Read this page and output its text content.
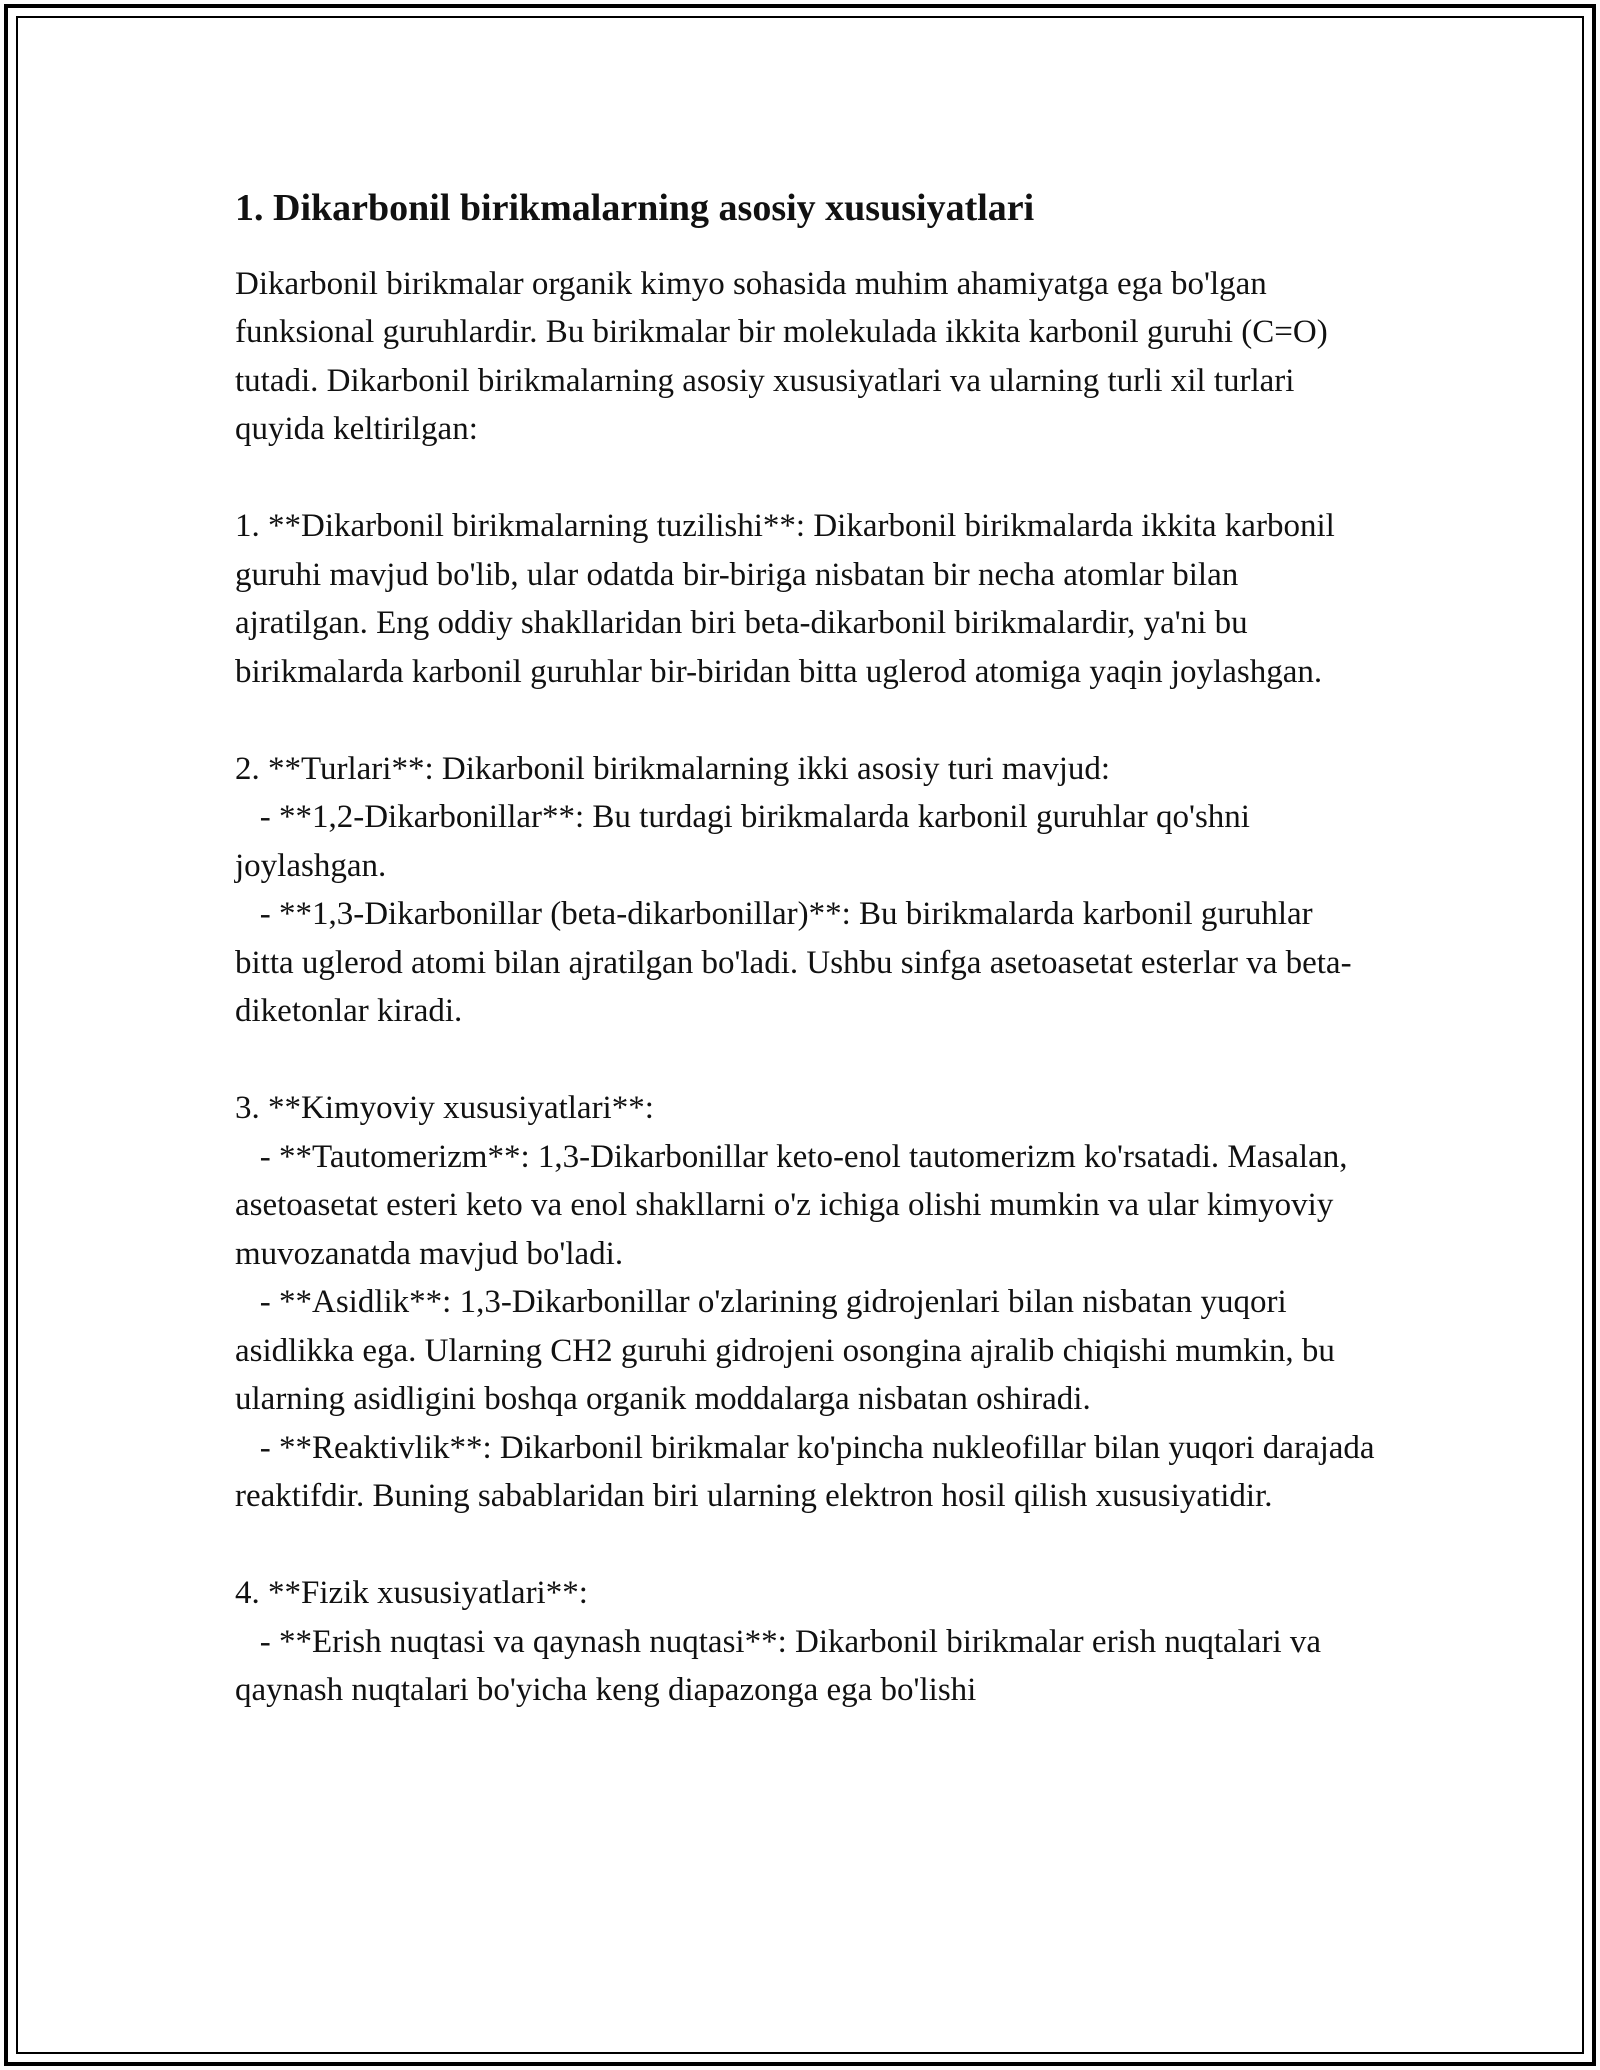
1. Dikarbonil birikmalarning asosiy xususiyatlari

Dikarbonil birikmalar organik kimyo sohasida muhim ahamiyatga ega bo'lgan funksional guruhlardir. Bu birikmalar bir molekulada ikkita karbonil guruhi (C=O) tutadi. Dikarbonil birikmalarning asosiy xususiyatlari va ularning turli xil turlari quyida keltirilgan:

1. **Dikarbonil birikmalarning tuzilishi**: Dikarbonil birikmalarda ikkita karbonil guruhi mavjud bo'lib, ular odatda bir-biriga nisbatan bir necha atomlar bilan ajratilgan. Eng oddiy shakllaridan biri beta-dikarbonil birikmalardir, ya'ni bu birikmalarda karbonil guruhlar bir-biridan bitta uglerod atomiga yaqin joylashgan.

2. **Turlari**: Dikarbonil birikmalarning ikki asosiy turi mavjud:

- **1,2-Dikarbonillar**: Bu turdagi birikmalarda karbonil guruhlar qo'shni joylashgan.

- **1,3-Dikarbonillar (beta-dikarbonillar)**: Bu birikmalarda karbonil guruhlar bitta uglerod atomi bilan ajratilgan bo'ladi. Ushbu sinfga asetoasetat esterlar va beta-diketonlar kiradi.

3. **Kimyoviy xususiyatlari**:

- **Tautomerizm**: 1,3-Dikarbonillar keto-enol tautomerizm ko'rsatadi. Masalan, asetoasetat esteri keto va enol shakllarni o'z ichiga olishi mumkin va ular kimyoviy muvozanatda mavjud bo'ladi.

- **Asidlik**: 1,3-Dikarbonillar o'zlarining gidrojenlari bilan nisbatan yuqori asidlikka ega. Ularning CH2 guruhi gidrojeni osongina ajralib chiqishi mumkin, bu ularning asidligini boshqa organik moddalarga nisbatan oshiradi.

- **Reaktivlik**: Dikarbonil birikmalar ko'pincha nukleofillar bilan yuqori darajada reaktifdir. Buning sabablaridan biri ularning elektron hosil qilish xususiyatidir.

4. **Fizik xususiyatlari**:

- **Erish nuqtasi va qaynash nuqtasi**: Dikarbonil birikmalar erish nuqtalari va qaynash nuqtalari bo'yicha keng diapazonga ega bo'lishi
